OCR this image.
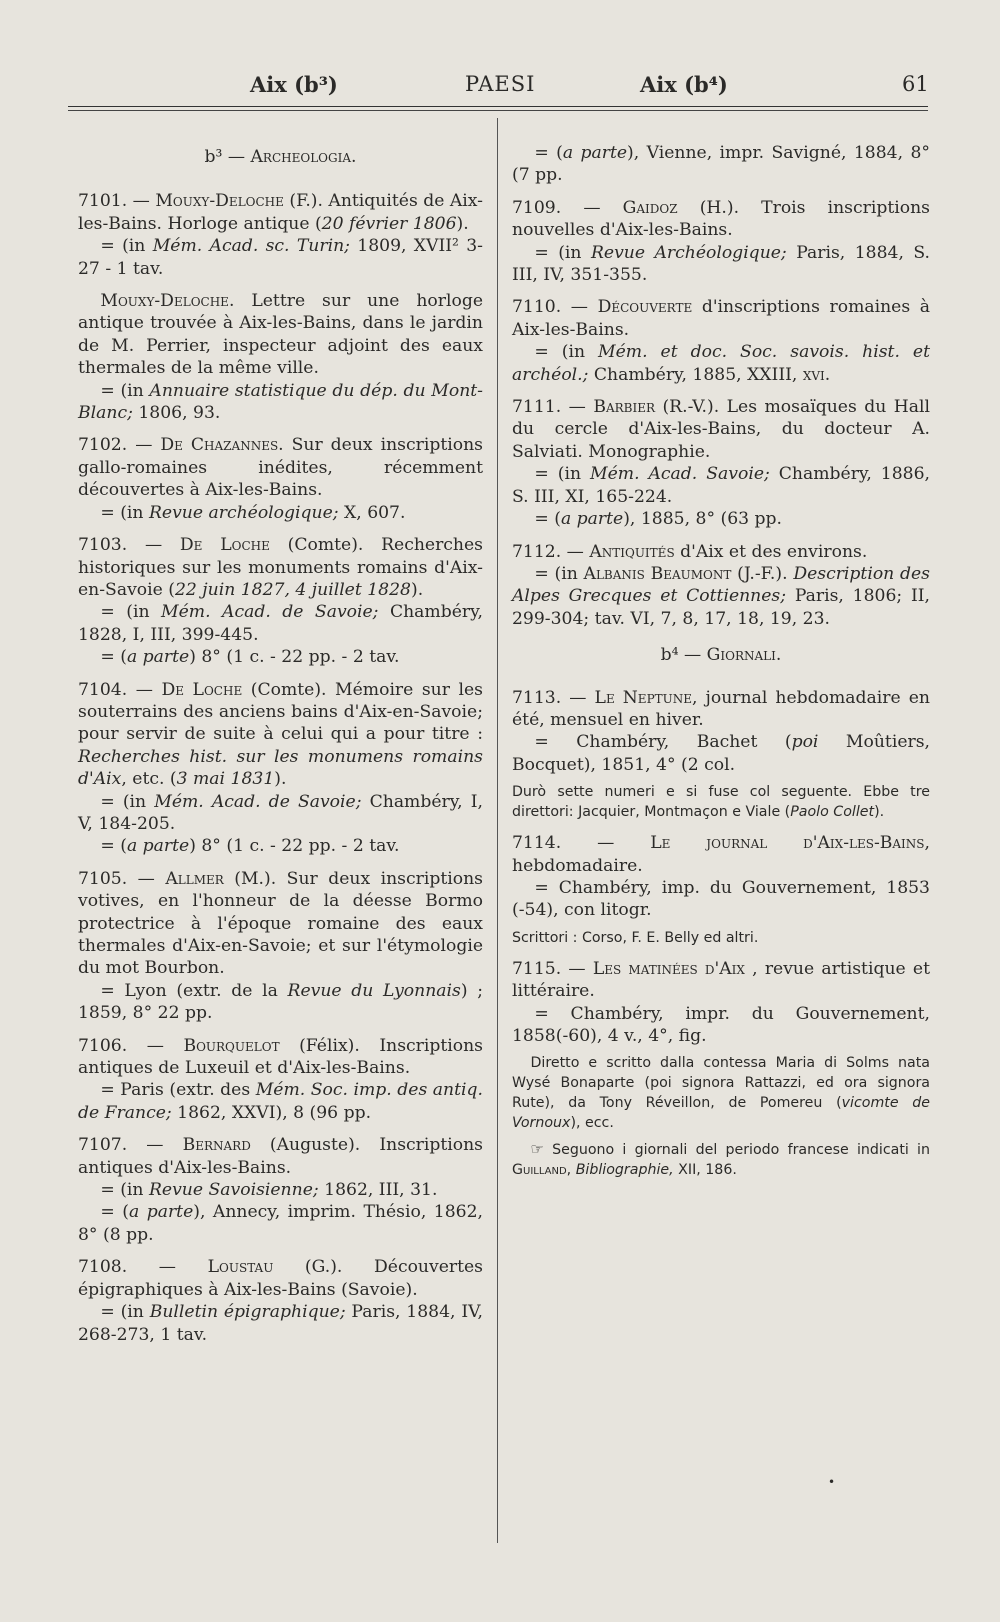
Aix (b³)	PAESI	Aix (b⁴)	61
b³ — Archeologia.

7101. — Mouxy-Deloche (F.). Antiquités de Aix-les-Bains. Horloge antique (20 février 1806).

= (in Mém. Acad. sc. Turin; 1809, XVII² 3-27 - 1 tav.

Mouxy-Deloche. Lettre sur une horloge antique trouvée à Aix-les-Bains, dans le jardin de M. Perrier, inspecteur adjoint des eaux thermales de la même ville.

= (in Annuaire statistique du dép. du Mont-Blanc; 1806, 93.

7102. — De Chazannes. Sur deux inscriptions gallo-romaines inédites, récemment découvertes à Aix-les-Bains.

= (in Revue archéologique; X, 607.

7103. — De Loche (Comte). Recherches historiques sur les monuments romains d'Aix-en-Savoie (22 juin 1827, 4 juillet 1828).

= (in Mém. Acad. de Savoie; Chambéry, 1828, I, III, 399-445.

= (a parte) 8° (1 c. - 22 pp. - 2 tav.

7104. — De Loche (Comte). Mémoire sur les souterrains des anciens bains d'Aix-en-Savoie; pour servir de suite à celui qui a pour titre : Recherches hist. sur les monumens romains d'Aix, etc. (3 mai 1831).

= (in Mém. Acad. de Savoie; Chambéry, I, V, 184-205.

= (a parte) 8° (1 c. - 22 pp. - 2 tav.

7105. — Allmer (M.). Sur deux inscriptions votives, en l'honneur de la déesse Bormo protectrice à l'époque romaine des eaux thermales d'Aix-en-Savoie; et sur l'étymologie du mot Bourbon.

= Lyon (extr. de la Revue du Lyonnais) ; 1859, 8° 22 pp.

7106. — Bourquelot (Félix). Inscriptions antiques de Luxeuil et d'Aix-les-Bains.

= Paris (extr. des Mém. Soc. imp. des antiq. de France; 1862, XXVI), 8 (96 pp.

7107. — Bernard (Auguste). Inscriptions antiques d'Aix-les-Bains.

= (in Revue Savoisienne; 1862, III, 31.

= (a parte), Annecy, imprim. Thésio, 1862, 8° (8 pp.

7108. — Loustau (G.). Découvertes épigraphiques à Aix-les-Bains (Savoie).

= (in Bulletin épigraphique; Paris, 1884, IV, 268-273, 1 tav.

= (a parte), Vienne, impr. Savigné, 1884, 8° (7 pp.

7109. — Gaidoz (H.). Trois inscriptions nouvelles d'Aix-les-Bains.

= (in Revue Archéologique; Paris, 1884, S. III, IV, 351-355.

7110. — Découverte d'inscriptions romaines à Aix-les-Bains.

= (in Mém. et doc. Soc. savois. hist. et archéol.; Chambéry, 1885, XXIII, xvi.

7111. — Barbier (R.-V.). Les mosaïques du Hall du cercle d'Aix-les-Bains, du docteur A. Salviati. Monographie.

= (in Mém. Acad. Savoie; Chambéry, 1886, S. III, XI, 165-224.

= (a parte), 1885, 8° (63 pp.

7112. — Antiquités d'Aix et des environs.

= (in Albanis Beaumont (J.-F.). Description des Alpes Grecques et Cottiennes; Paris, 1806; II, 299-304; tav. VI, 7, 8, 17, 18, 19, 23.

b⁴ — Giornali.

7113. — Le Neptune, journal hebdomadaire en été, mensuel en hiver.

= Chambéry, Bachet (poi Moûtiers, Bocquet), 1851, 4° (2 col.

Durò sette numeri e si fuse col seguente. Ebbe tre direttori: Jacquier, Montmaçon e Viale (Paolo Collet).

7114. — Le journal d'Aix-les-Bains, hebdomadaire.

= Chambéry, imp. du Gouvernement, 1853 (-54), con litogr.

Scrittori : Corso, F. E. Belly ed altri.

7115. — Les matinées d'Aix , revue artistique et littéraire.

= Chambéry, impr. du Gouvernement, 1858(-60), 4 v., 4°, fig.

Diretto e scritto dalla contessa Maria di Solms nata Wysé Bonaparte (poi signora Rattazzi, ed ora signora Rute), da Tony Réveillon, de Pomereu (vicomte de Vornoux), ecc.

☞ Seguono i giornali del periodo francese indicati in Guilland, Bibliographie, XII, 186.

•
